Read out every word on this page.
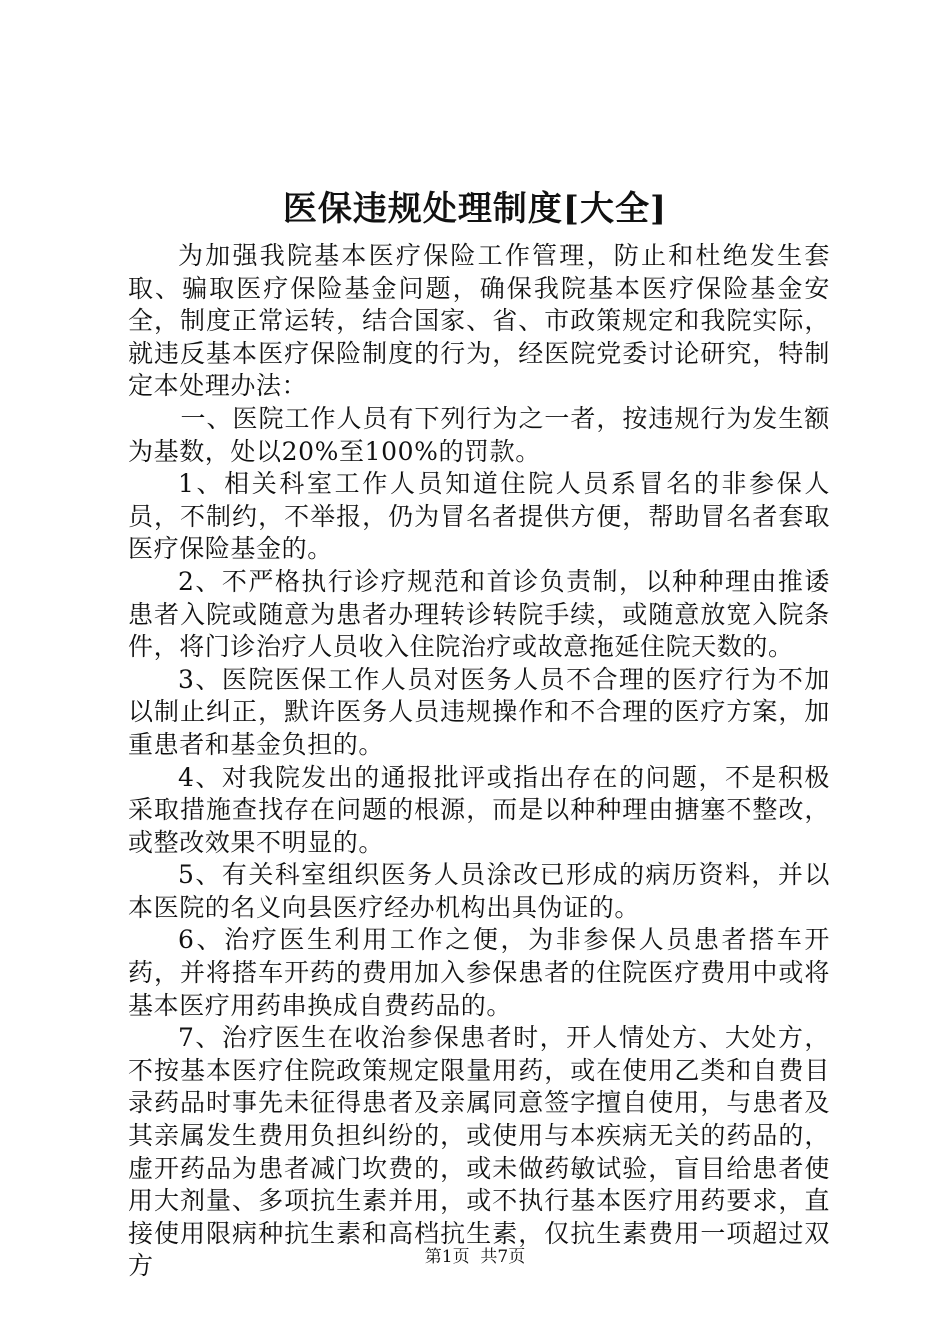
医保违规处理制度[大全]

为加强我院基本医疗保险工作管理，防止和杜绝发生套取、骗取医疗保险基金问题，确保我院基本医疗保险基金安全，制度正常运转，结合国家、省、市政策规定和我院实际，就违反基本医疗保险制度的行为，经医院党委讨论研究，特制定本处理办法：

一、医院工作人员有下列行为之一者，按违规行为发生额为基数，处以20%至100%的罚款。

1、相关科室工作人员知道住院人员系冒名的非参保人员，不制约，不举报，仍为冒名者提供方便，帮助冒名者套取医疗保险基金的。

2、不严格执行诊疗规范和首诊负责制，以种种理由推诿患者入院或随意为患者办理转诊转院手续，或随意放宽入院条件，将门诊治疗人员收入住院治疗或故意拖延住院天数的。

3、医院医保工作人员对医务人员不合理的医疗行为不加以制止纠正，默许医务人员违规操作和不合理的医疗方案，加重患者和基金负担的。

4、对我院发出的通报批评或指出存在的问题，不是积极采取措施查找存在问题的根源，而是以种种理由搪塞不整改，或整改效果不明显的。

5、有关科室组织医务人员涂改已形成的病历资料，并以本医院的名义向县医疗经办机构出具伪证的。

6、治疗医生利用工作之便，为非参保人员患者搭车开药，并将搭车开药的费用加入参保患者的住院医疗费用中或将基本医疗用药串换成自费药品的。

7、治疗医生在收治参保患者时，开人情处方、大处方，不按基本医疗住院政策规定限量用药，或在使用乙类和自费目录药品时事先未征得患者及亲属同意签字擅自使用，与患者及其亲属发生费用负担纠纷的，或使用与本疾病无关的药品的，虚开药品为患者减门坎费的，或未做药敏试验，盲目给患者使用大剂量、多项抗生素并用，或不执行基本医疗用药要求，直接使用限病种抗生素和高档抗生素，仅抗生素费用一项超过双方	第1页 共7页
